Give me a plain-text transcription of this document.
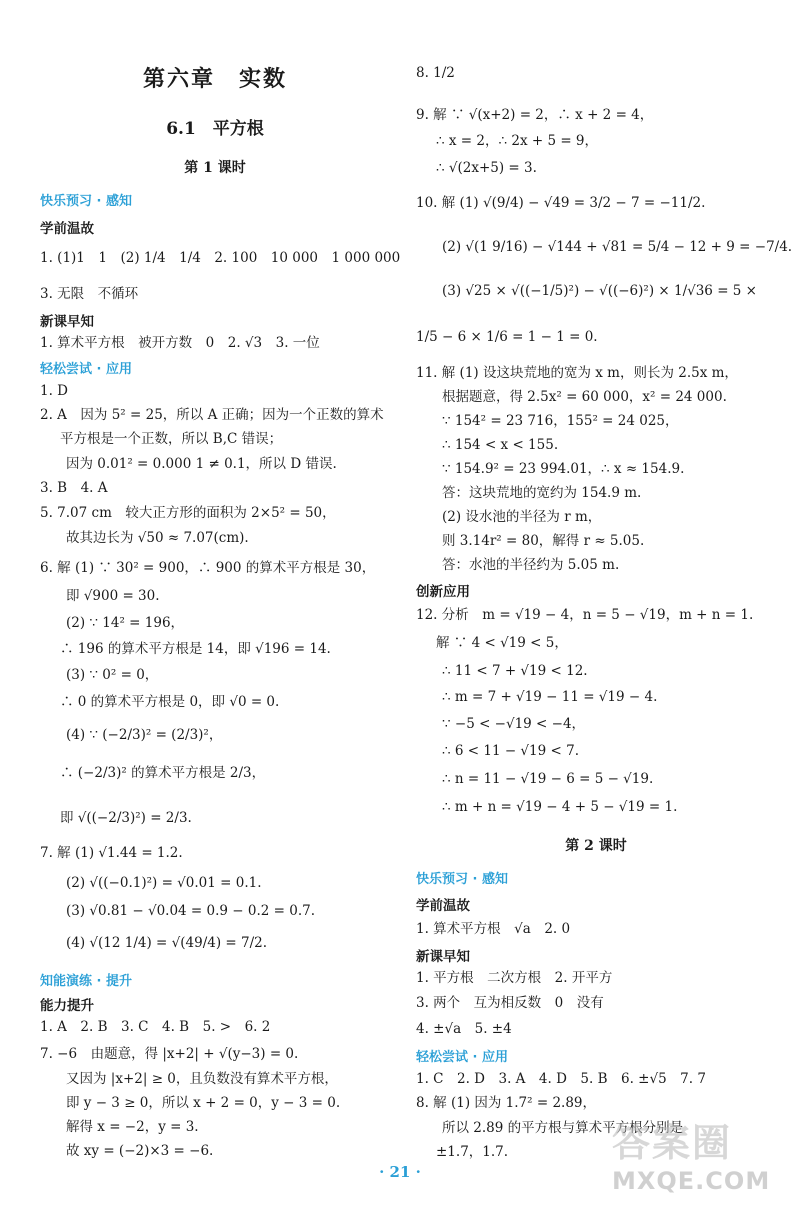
第六章　实数
6.1　平方根
第 1 课时
快乐预习 · 感知
学前温故
1. (1)1　1　(2) 1/4　1/4　2. 100　10 000　1 000 000
3. 无限　不循环
新课早知
1. 算术平方根　被开方数　0　2. √3　3. 一位
轻松尝试 · 应用
1. D
2. A　因为 5² = 25，所以 A 正确；因为一个正数的算术
平方根是一个正数，所以 B,C 错误；
因为 0.01² = 0.000 1 ≠ 0.1，所以 D 错误.
3. B　4. A
5. 7.07 cm　较大正方形的面积为 2×5² = 50，
故其边长为 √50 ≈ 7.07(cm).
6. 解 (1) ∵ 30² = 900，∴ 900 的算术平方根是 30，
即 √900 = 30.
(2) ∵ 14² = 196，
∴ 196 的算术平方根是 14，即 √196 = 14.
(3) ∵ 0² = 0，
∴ 0 的算术平方根是 0，即 √0 = 0.
(4) ∵ (−2/3)² = (2/3)²，
∴ (−2/3)² 的算术平方根是 2/3，
即 √((−2/3)²) = 2/3.
7. 解 (1) √1.44 = 1.2.
(2) √((−0.1)²) = √0.01 = 0.1.
(3) √0.81 − √0.04 = 0.9 − 0.2 = 0.7.
(4) √(12 1/4) = √(49/4) = 7/2.
知能演练 · 提升
能力提升
1. A　2. B　3. C　4. B　5. >　6. 2
7. −6　由题意，得 |x+2| + √(y−3) = 0.
又因为 |x+2| ≥ 0，且负数没有算术平方根，
即 y − 3 ≥ 0，所以 x + 2 = 0，y − 3 = 0.
解得 x = −2，y = 3.
故 xy = (−2)×3 = −6.
8. 1/2
9. 解 ∵ √(x+2) = 2，∴ x + 2 = 4，
∴ x = 2，∴ 2x + 5 = 9，
∴ √(2x+5) = 3.
10. 解 (1) √(9/4) − √49 = 3/2 − 7 = −11/2.
(2) √(1 9/16) − √144 + √81 = 5/4 − 12 + 9 = −7/4.
(3) √25 × √((−1/5)²) − √((−6)²) × 1/√36 = 5 ×
1/5 − 6 × 1/6 = 1 − 1 = 0.
11. 解 (1) 设这块荒地的宽为 x m，则长为 2.5x m，
根据题意，得 2.5x² = 60 000，x² = 24 000.
∵ 154² = 23 716，155² = 24 025，
∴ 154 < x < 155.
∵ 154.9² = 23 994.01，∴ x ≈ 154.9.
答：这块荒地的宽约为 154.9 m.
(2) 设水池的半径为 r m，
则 3.14r² = 80，解得 r ≈ 5.05.
答：水池的半径约为 5.05 m.
创新应用
12. 分析　m = √19 − 4，n = 5 − √19，m + n = 1.
解 ∵ 4 < √19 < 5，
∴ 11 < 7 + √19 < 12.
∴ m = 7 + √19 − 11 = √19 − 4.
∵ −5 < −√19 < −4，
∴ 6 < 11 − √19 < 7.
∴ n = 11 − √19 − 6 = 5 − √19.
∴ m + n = √19 − 4 + 5 − √19 = 1.
第 2 课时
快乐预习 · 感知
学前温故
1. 算术平方根　√a　2. 0
新课早知
1. 平方根　二次方根　2. 开平方
3. 两个　互为相反数　0　没有
4. ±√a　5. ±4
轻松尝试 · 应用
1. C　2. D　3. A　4. D　5. B　6. ±√5　7. 7
8. 解 (1) 因为 1.7² = 2.89，
所以 2.89 的平方根与算术平方根分别是
±1.7，1.7.
· 21 ·
答案圈
MXQE.COM
